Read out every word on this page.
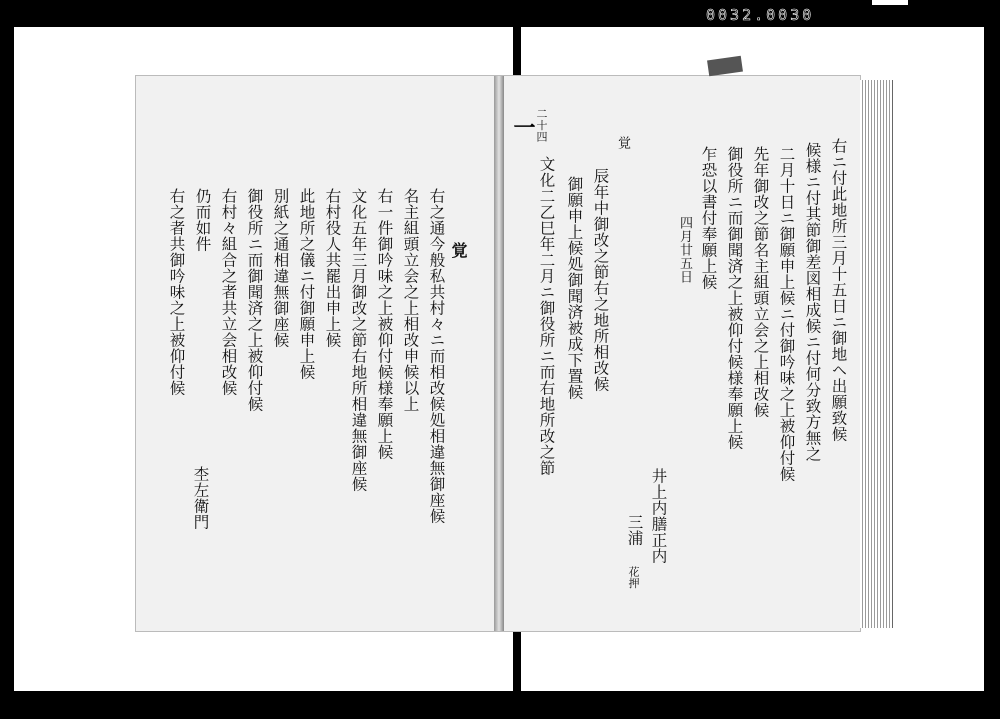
0032.0030
覚
右之通今般私共村々ニ而相改候処相違無御座候
名主組頭立会之上相改申候以上
右一件御吟味之上被仰付候様奉願上候
文化五年三月御改之節右地所相違無御座候
右村役人共罷出申上候
此地所之儀ニ付御願申上候
別紙之通相違無御座候
御役所ニ而御聞済之上被仰付候
右村々組合之者共立会相改候
仍而如件
右之者共御吟味之上被仰付候
杢左衛門
二十四
一
右ニ付此地所三月十五日ニ御地ヘ出願致候
候様ニ付其節御差図相成候ニ付何分致方無之
二月十日ニ御願申上候ニ付御吟味之上被仰付候
先年御改之節名主組頭立会之上相改候
御役所ニ而御聞済之上被仰付候様奉願上候
乍恐以書付奉願上候
四月廿五日
覚
辰年中御改之節右之地所相改候
御願申上候処御聞済被成下置候
文化二乙巳年二月ニ御役所ニ而右地所改之節
井上内膳正内
三浦
花押
